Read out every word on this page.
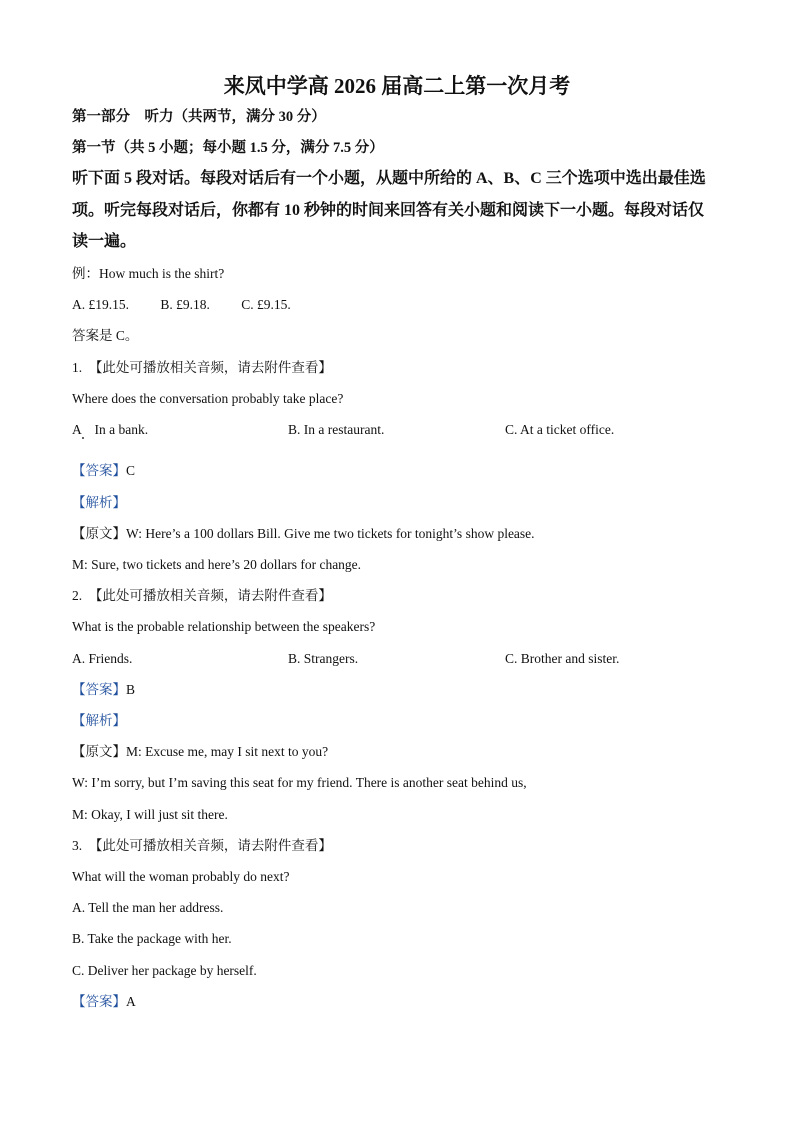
来凤中学高 2026 届高二上第一次月考
第一部分　听力（共两节，满分 30 分）
第一节（共 5 小题；每小题 1.5 分，满分 7.5 分）
听下面 5 段对话。每段对话后有一个小题，从题中所给的 A、B、C 三个选项中选出最佳选
项。听完每段对话后，你都有 10 秒钟的时间来回答有关小题和阅读下一小题。每段对话仅
读一遍。
例：How much is the shirt?
A. £19.15. B. £9.18. C. £9.15.
答案是 C。
1. 【此处可播放相关音频，请去附件查看】
Where does the conversation probably take place?
A　In a bank.	B. In a restaurant.	C. At a ticket office.
【答案】C
【解析】
【原文】W: Here’s a 100 dollars Bill. Give me two tickets for tonight’s show please.
M: Sure, two tickets and here’s 20 dollars for change.
2. 【此处可播放相关音频，请去附件查看】
What is the probable relationship between the speakers?
A. Friends.	B. Strangers.	C. Brother and sister.
【答案】B
【解析】
【原文】M: Excuse me, may I sit next to you?
W: I’m sorry, but I’m saving this seat for my friend. There is another seat behind us,
M: Okay, I will just sit there.
3. 【此处可播放相关音频，请去附件查看】
What will the woman probably do next?
A. Tell the man her address.
B. Take the package with her.
C. Deliver her package by herself.
【答案】A
